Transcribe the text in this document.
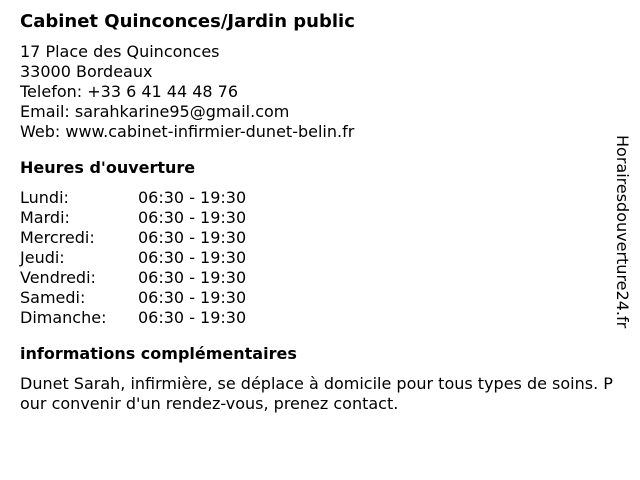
Cabinet Quinconces/Jardin public
17 Place des Quinconces
33000 Bordeaux
Telefon: +33 6 41 44 48 76
Email: sarahkarine95@gmail.com
Web: www.cabinet-infirmier-dunet-belin.fr
Heures d'ouverture
Lundi:	06:30 - 19:30
Mardi:	06:30 - 19:30
Mercredi:	06:30 - 19:30
Jeudi:	06:30 - 19:30
Vendredi:	06:30 - 19:30
Samedi:	06:30 - 19:30
Dimanche:	06:30 - 19:30
informations complémentaires
Dunet Sarah, infirmière, se déplace à domicile pour tous types de soins. Pour convenir d'un rendez-vous, prenez contact.
Horairesdouverture24.fr
